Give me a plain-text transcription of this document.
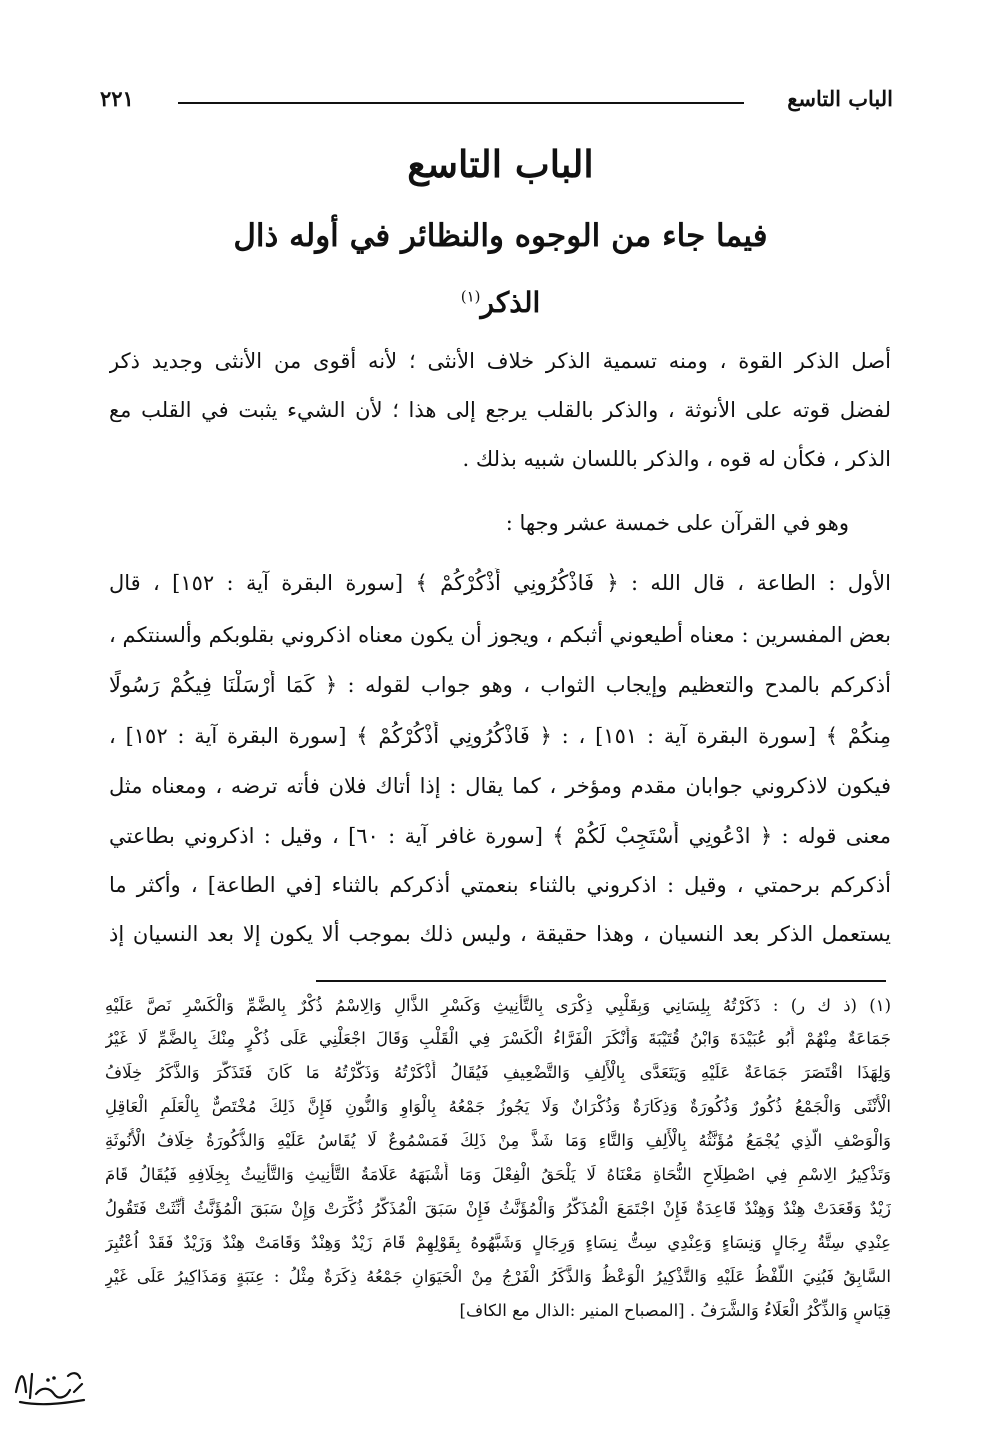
الباب التاسع
٢٢١
الباب التاسع
فيما جاء من الوجوه والنظائر في أوله ذال
الذكر$^{(١)}$
أصل الذكر القوة ، ومنه تسمية الذكر خلاف الأنثى ؛ لأنه أقوى من الأنثى وجديد ذكر
لفضل قوته على الأنوثة ، والذكر بالقلب يرجع إلى هذا ؛ لأن الشيء يثبت في القلب مع
الذكر ، فكأن له قوه ، والذكر باللسان شبيه بذلك .
وهو في القرآن على خمسة عشر وجها :
الأول : الطاعة ، قال الله : ﴿ فَاذْكُرُونِي أَذْكُرْكُمْ ﴾ [سورة البقرة آية : ١٥٢] ، قال
بعض المفسرين : معناه أطيعوني أثبكم ، ويجوز أن يكون معناه اذكروني بقلوبكم وألسنتكم ،
أذكركم بالمدح والتعظيم وإيجاب الثواب ، وهو جواب لقوله : ﴿ كَمَا أَرْسَلْنَا فِيكُمْ رَسُولًا
مِنكُمْ ﴾ [سورة البقرة آية : ١٥١] ، : ﴿ فَاذْكُرُونِي أَذْكُرْكُمْ ﴾ [سورة البقرة آية : ١٥٢] ،
فيكون لاذكروني جوابان مقدم ومؤخر ، كما يقال : إذا أتاك فلان فأته ترضه ، ومعناه مثل
معنى قوله : ﴿ ادْعُونِي أَسْتَجِبْ لَكُمْ ﴾ [سورة غافر آية : ٦٠] ، وقيل : اذكروني بطاعتي
أذكركم برحمتي ، وقيل : اذكروني بالثناء بنعمتي أذكركم بالثناء [في الطاعة] ، وأكثر ما
يستعمل الذكر بعد النسيان ، وهذا حقيقة ، وليس ذلك بموجب ألا يكون إلا بعد النسيان إذ
(١) (ذ ك ر) : ذَكَرْتُهُ بِلِسَانِي وَبِقَلْبِي ذِكْرَى بِالتَّأْنِيثِ وَكَسْرِ الذَّالِ وَالِاسْمُ ذُكْرٌ بِالضَّمِّ وَالْكَسْرِ نَصَّ عَلَيْهِ
جَمَاعَةٌ مِنْهُمْ أَبُو عُبَيْدَةَ وَابْنُ قُتَيْبَةَ وَأَنْكَرَ الْفَرَّاءُ الْكَسْرَ فِي الْقَلْبِ وَقَالَ اجْعَلْنِي عَلَى ذُكْرٍ مِنْكَ بِالضَّمِّ لَا غَيْرُ
وَلِهَذَا اقْتَصَرَ جَمَاعَةٌ عَلَيْهِ وَيَتَعَدَّى بِالْأَلِفِ وَالتَّضْعِيفِ فَيُقَالُ أَذْكَرْتُهُ وَذَكَّرْتُهُ مَا كَانَ فَتَذَكَّرَ وَالذَّكَرُ خِلَافُ
الْأُنْثَى وَالْجَمْعُ ذُكُورٌ وَذُكُورَةٌ وَذِكَارَةٌ وَذُكْرَانٌ وَلَا يَجُوزُ جَمْعُهُ بِالْوَاوِ وَالنُّونِ فَإِنَّ ذَلِكَ مُخْتَصٌّ بِالْعَلَمِ الْعَاقِلِ
وَالْوَصْفِ الَّذِي يُجْمَعُ مُؤَنَّثُهُ بِالْأَلِفِ وَالتَّاءِ وَمَا شَذَّ مِنْ ذَلِكَ فَمَسْمُوعٌ لَا يُقَاسُ عَلَيْهِ وَالذُّكُورَةُ خِلَافُ الْأُنُوثَةِ
وَتَذْكِيرُ الِاسْمِ فِي اصْطِلَاحِ النُّحَاةِ مَعْنَاهُ لَا يَلْحَقُ الْفِعْلَ وَمَا أَشْبَهَهُ عَلَامَةُ التَّأْنِيثِ وَالتَّأْنِيثُ بِخِلَافِهِ فَيُقَالُ قَامَ
زَيْدٌ وَقَعَدَتْ هِنْدٌ وَهِنْدٌ قَاعِدَةٌ فَإِنْ اجْتَمَعَ الْمُذَكَّرُ وَالْمُؤَنَّثُ فَإِنْ سَبَقَ الْمُذَكَّرُ ذُكِّرَتْ وَإِنْ سَبَقَ الْمُؤَنَّثُ أُنِّثَتْ فَتَقُولُ
عِنْدِي سِتَّةُ رِجَالٍ وَنِسَاءٍ وَعِنْدِي سِتُّ نِسَاءٍ وَرِجَالٍ وَشَبَّهُوهُ بِقَوْلِهِمْ قَامَ زَيْدٌ وَهِنْدٌ وَقَامَتْ هِنْدٌ وَزَيْدٌ فَقَدْ اُعْتُبِرَ
السَّابِقُ فَبُنِيَ اللَّفْظُ عَلَيْهِ وَالتَّذْكِيرُ الْوَعْظُ وَالذَّكَرُ الْفَرْجُ مِنْ الْحَيَوَانِ جَمْعُهُ ذِكَرَةٌ مِثْلُ : عِنَبَةٍ وَمَذَاكِيرُ عَلَى غَيْرِ
قِيَاسٍ وَالذِّكْرُ الْعَلَاءُ وَالشَّرَفُ . [المصباح المنير :الذال مع الكاف]
